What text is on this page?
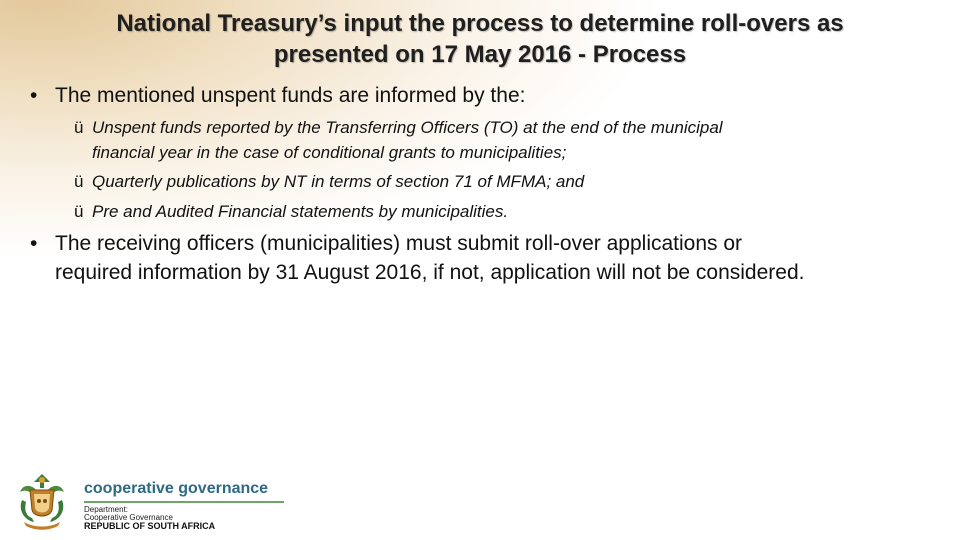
National Treasury’s input the process to determine roll-overs as
presented on 17 May 2016 - Process
• The mentioned unspent funds are informed by the:
ü Unspent funds reported by the Transferring Officers (TO) at the end of the municipal
financial year in the case of conditional grants to municipalities;
ü Quarterly publications by NT in terms of section 71 of MFMA; and
ü Pre and Audited Financial statements by municipalities.
• The receiving officers (municipalities) must submit roll-over applications or
required information by 31 August 2016, if not, application will not be considered.
cooperative governance
Department:
Cooperative Governance
REPUBLIC OF SOUTH AFRICA
